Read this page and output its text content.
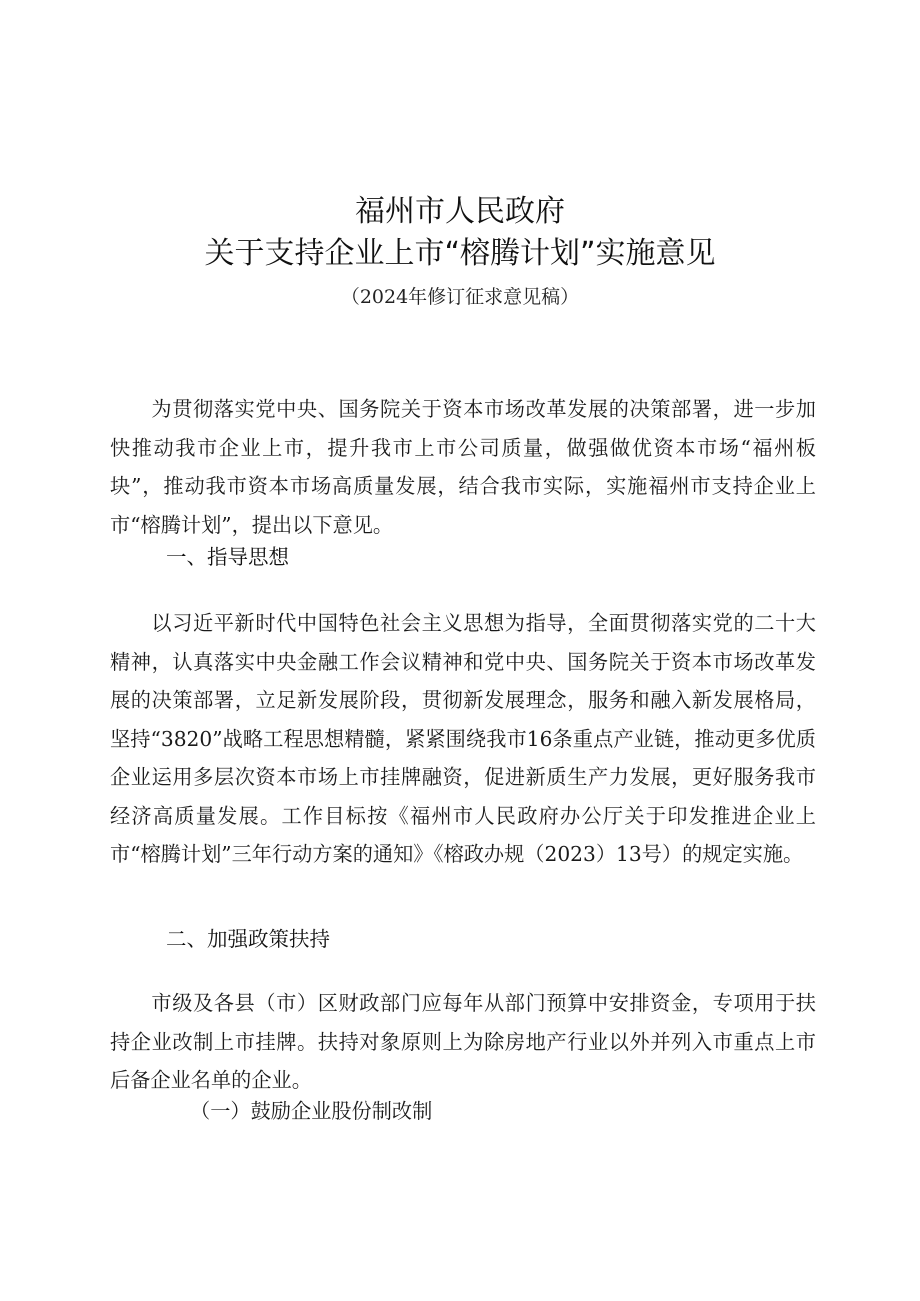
福州市人民政府
关于支持企业上市“榕腾计划”实施意见
（2024年修订征求意见稿）

为贯彻落实党中央、国务院关于资本市场改革发展的决策部署，进一步加快推动我市企业上市，提升我市上市公司质量，做强做优资本市场“福州板块”，推动我市资本市场高质量发展，结合我市实际，实施福州市支持企业上市“榕腾计划”，提出以下意见。

一、指导思想

以习近平新时代中国特色社会主义思想为指导，全面贯彻落实党的二十大精神，认真落实中央金融工作会议精神和党中央、国务院关于资本市场改革发展的决策部署，立足新发展阶段，贯彻新发展理念，服务和融入新发展格局，坚持“3820”战略工程思想精髓，紧紧围绕我市16条重点产业链，推动更多优质企业运用多层次资本市场上市挂牌融资，促进新质生产力发展，更好服务我市经济高质量发展。工作目标按《福州市人民政府办公厅关于印发推进企业上市“榕腾计划”三年行动方案的通知》《榕政办规（2023）13号）的规定实施。

二、加强政策扶持

市级及各县（市）区财政部门应每年从部门预算中安排资金，专项用于扶持企业改制上市挂牌。扶持对象原则上为除房地产行业以外并列入市重点上市后备企业名单的企业。

（一）鼓励企业股份制改制
